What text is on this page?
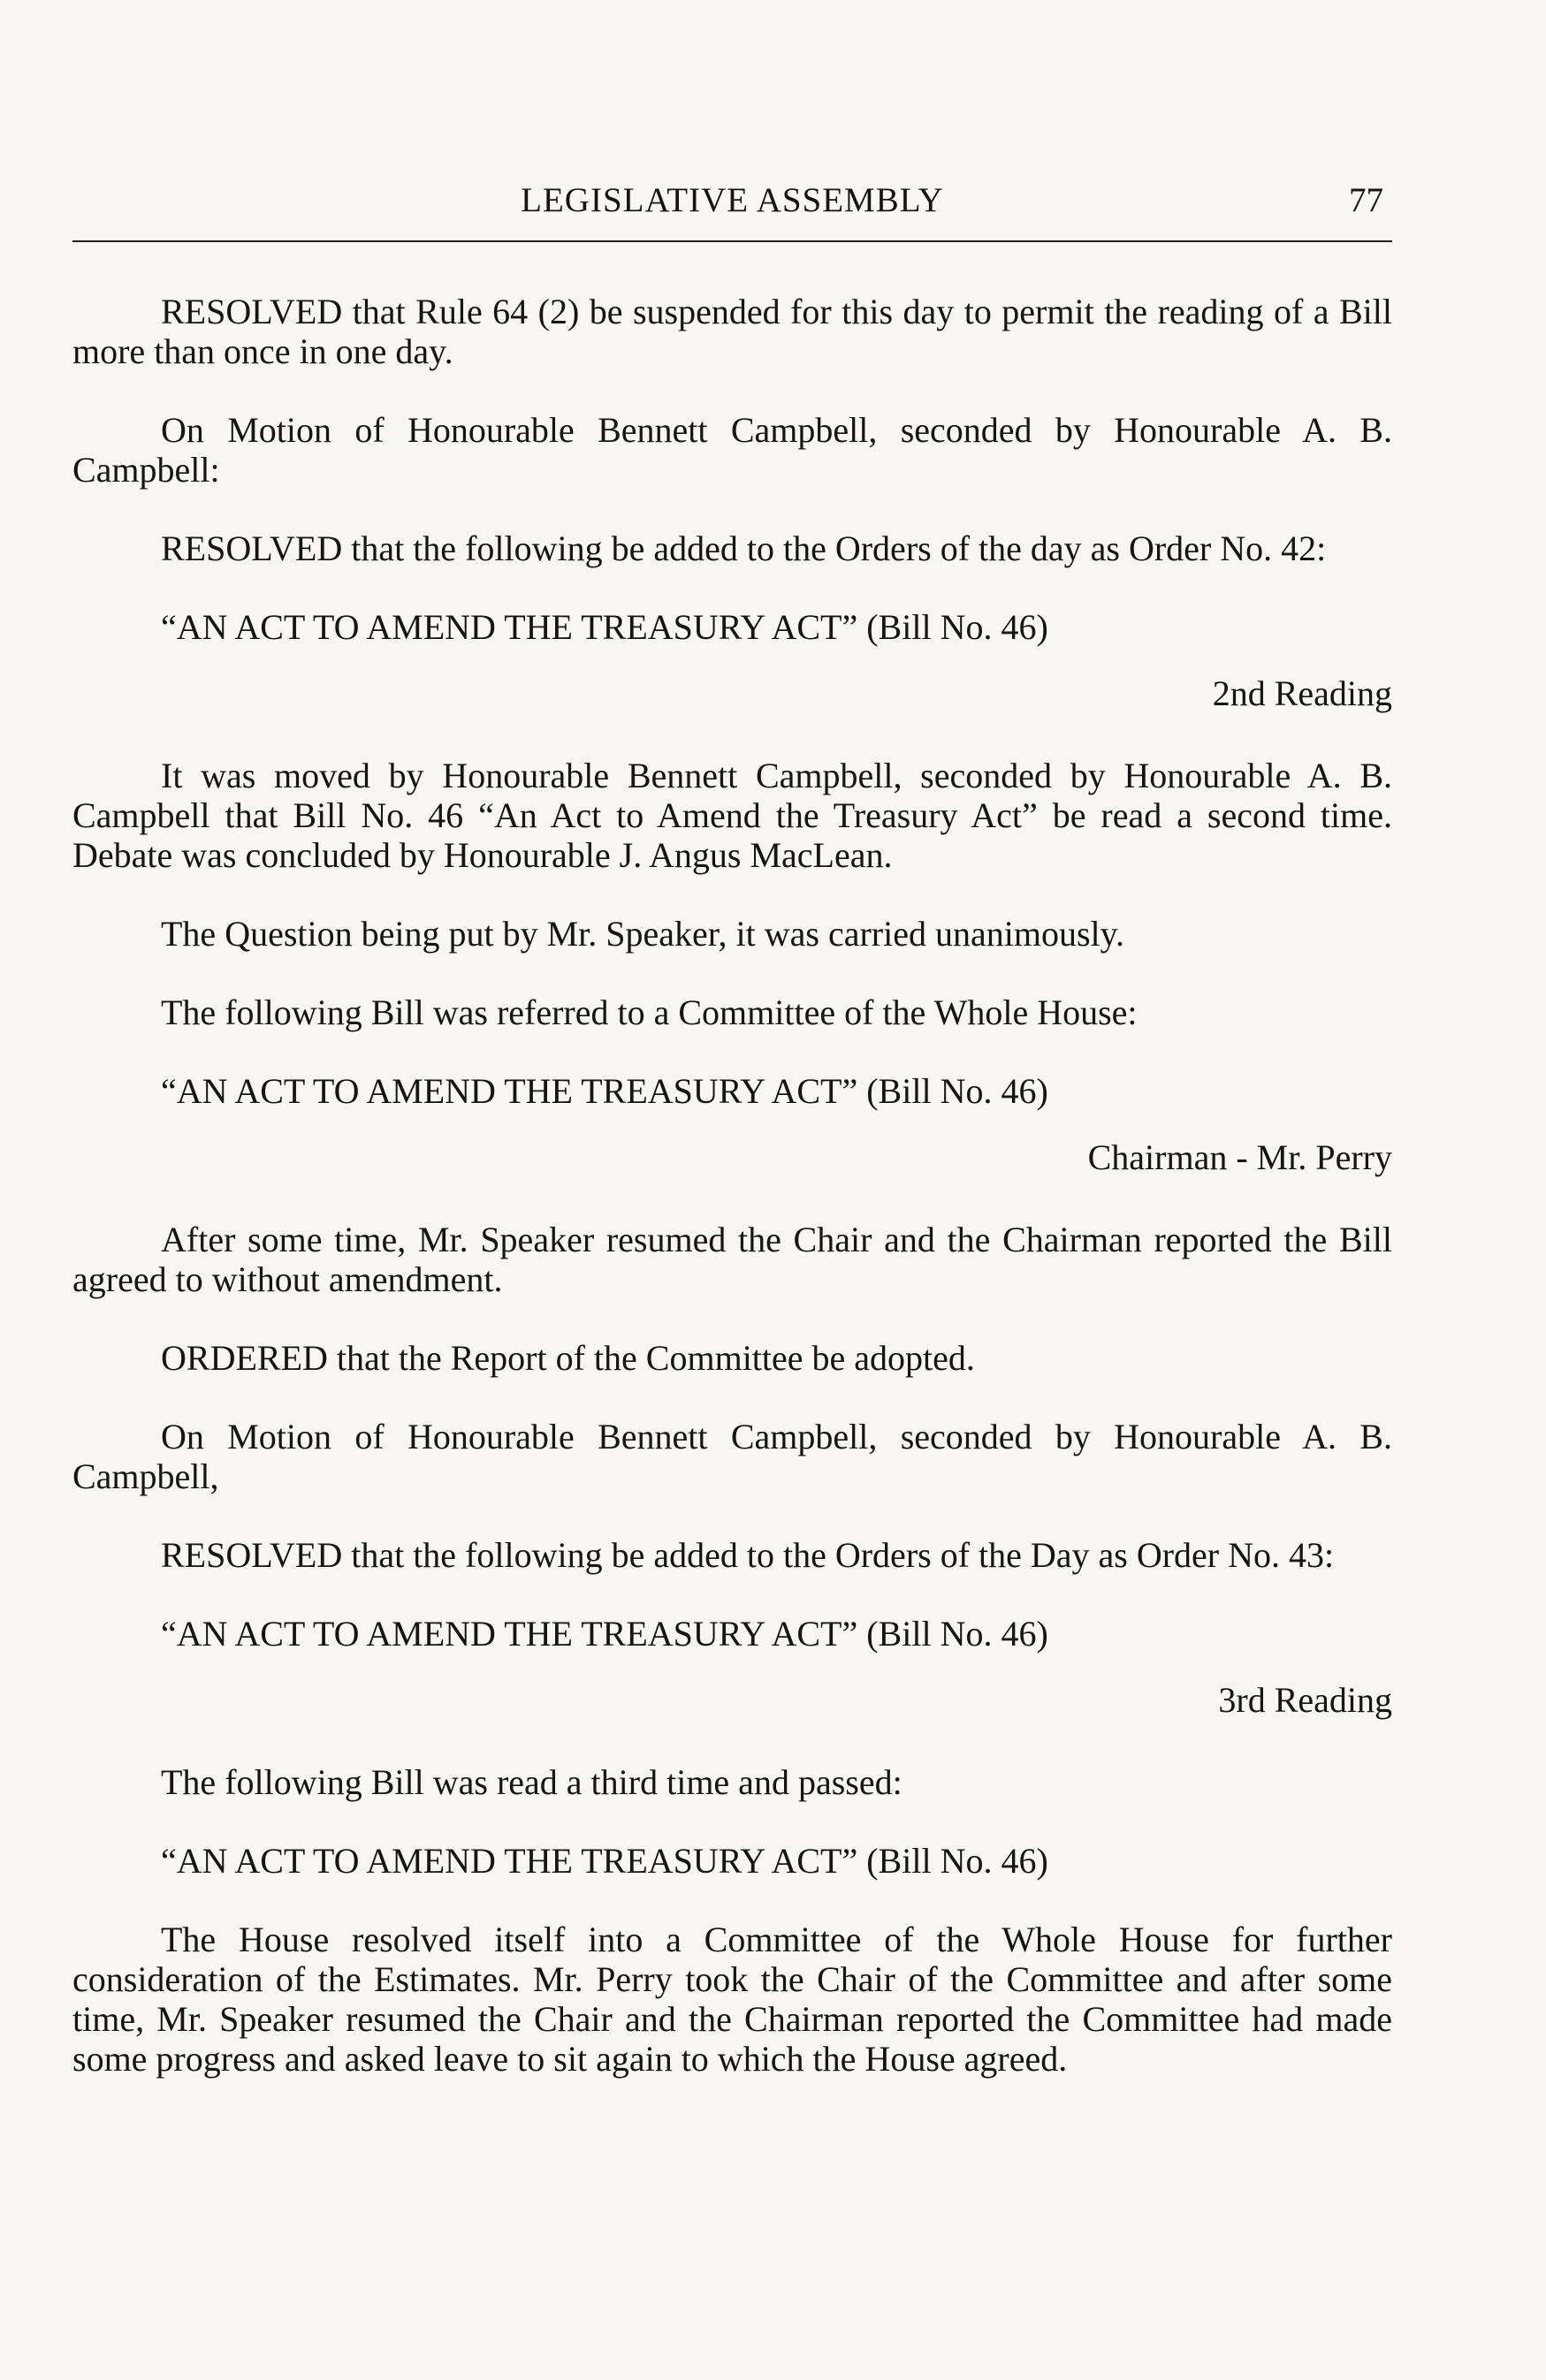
LEGISLATIVE ASSEMBLY	77

RESOLVED that Rule 64 (2) be suspended for this day to permit the reading of a Bill more than once in one day.

On Motion of Honourable Bennett Campbell, seconded by Honourable A. B. Campbell:

RESOLVED that the following be added to the Orders of the day as Order No. 42:

“AN ACT TO AMEND THE TREASURY ACT” (Bill No. 46)

2nd Reading

It was moved by Honourable Bennett Campbell, seconded by Honourable A. B. Campbell that Bill No. 46 “An Act to Amend the Treasury Act” be read a second time. Debate was concluded by Honourable J. Angus MacLean.

The Question being put by Mr. Speaker, it was carried unanimously.

The following Bill was referred to a Committee of the Whole House:

“AN ACT TO AMEND THE TREASURY ACT” (Bill No. 46)

Chairman - Mr. Perry

After some time, Mr. Speaker resumed the Chair and the Chairman reported the Bill agreed to without amendment.

ORDERED that the Report of the Committee be adopted.

On Motion of Honourable Bennett Campbell, seconded by Honourable A. B. Campbell,

RESOLVED that the following be added to the Orders of the Day as Order No. 43:

“AN ACT TO AMEND THE TREASURY ACT” (Bill No. 46)

3rd Reading

The following Bill was read a third time and passed:

“AN ACT TO AMEND THE TREASURY ACT” (Bill No. 46)

The House resolved itself into a Committee of the Whole House for further consideration of the Estimates. Mr. Perry took the Chair of the Committee and after some time, Mr. Speaker resumed the Chair and the Chairman reported the Committee had made some progress and asked leave to sit again to which the House agreed.
